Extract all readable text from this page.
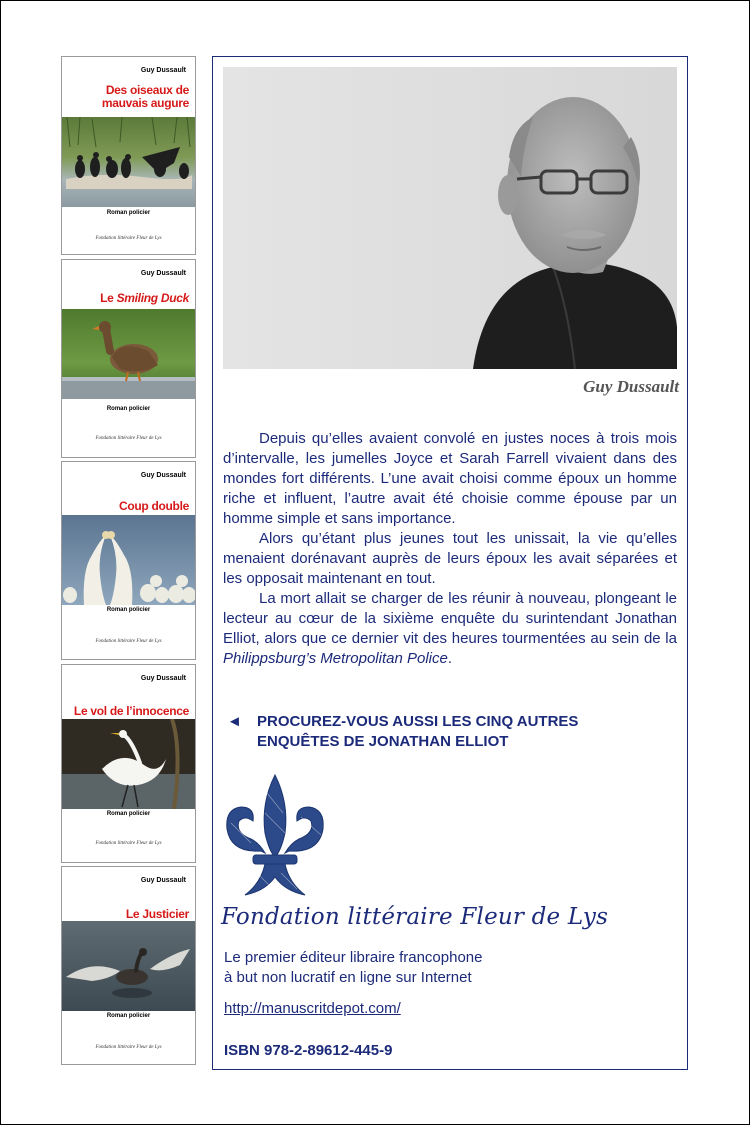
Guy Dussault
Des oiseaux de
mauvais augure
Roman policier
Fondation littéraire Fleur de Lys
Guy Dussault
Le Smiling Duck
Roman policier
Fondation littéraire Fleur de Lys
Guy Dussault
Coup double
Roman policier
Fondation littéraire Fleur de Lys
Guy Dussault
Le vol de l’innocence
Roman policier
Fondation littéraire Fleur de Lys
Guy Dussault
Le Justicier
Roman policier
Fondation littéraire Fleur de Lys
Guy Dussault

Depuis qu’elles avaient convolé en justes noces à trois mois d’intervalle, les jumelles Joyce et Sarah Farrell vivaient dans des mondes fort différents. L’une avait choisi comme époux un homme riche et influent, l’autre avait été choisie comme épouse par un homme simple et sans importance.

Alors qu’étant plus jeunes tout les unissait, la vie qu’elles menaient dorénavant auprès de leurs époux les avait séparées et les opposait maintenant en tout.

La mort allait se charger de les réunir à nouveau, plongeant le lecteur au cœur de la sixième enquête du surintendant Jonathan Elliot, alors que ce dernier vit des heures tourmentées au sein de la Philippsburg’s Metropolitan Police.

◄ PROCUREZ-VOUS AUSSI LES CINQ AUTRES
ENQUÊTES DE JONATHAN ELLIOT
Fondation littéraire Fleur de Lys
Le premier éditeur libraire francophone
à but non lucratif en ligne sur Internet
http://manuscritdepot.com/
ISBN 978-2-89612-445-9
